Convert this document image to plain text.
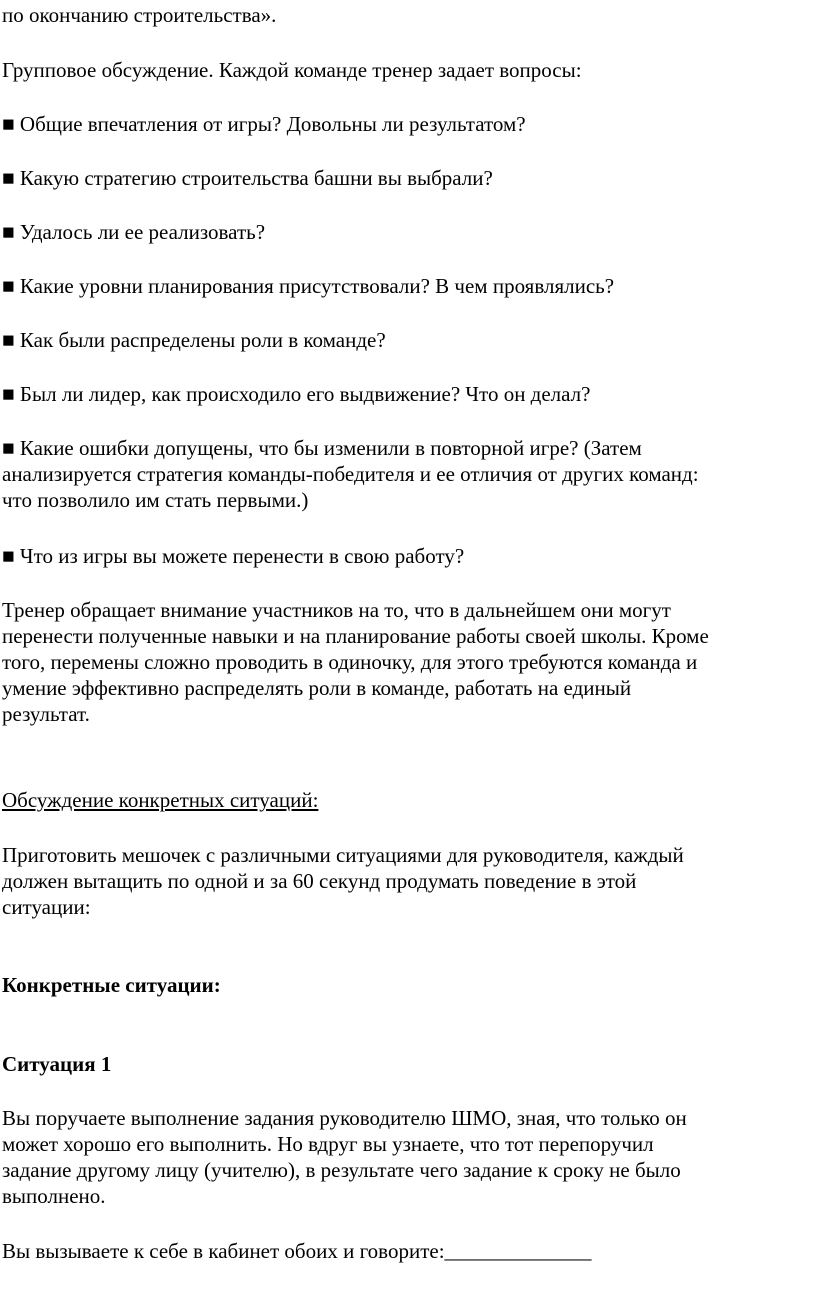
по окончанию строительства».

Групповое обсуждение. Каждой команде тренер задает вопросы:

■ Общие впечатления от игры? Довольны ли результатом?

■ Какую стратегию строительства башни вы выбрали?

■ Удалось ли ее реализовать?

■ Какие уровни планирования присутствовали? В чем проявлялись?

■ Как были распределены роли в команде?

■ Был ли лидер, как происходило его выдвижение? Что он делал?

■ Какие ошибки допущены, что бы изменили в повторной игре? (Затем
анализируется стратегия команды-победителя и ее отличия от других команд:
что позволило им стать первыми.)

■ Что из игры вы можете перенести в свою работу?

Тренер обращает внимание участников на то, что в дальнейшем они могут
перенести полученные навыки и на планирование работы своей школы. Кроме
того, перемены сложно проводить в одиночку, для этого требуются команда и
умение эффективно распределять роли в команде, работать на единый
результат.

Обсуждение конкретных ситуаций:

Приготовить мешочек с различными ситуациями для руководителя, каждый
должен вытащить по одной и за 60 секунд продумать поведение в этой
ситуации:

Конкретные ситуации:

Ситуация 1

Вы поручаете выполнение задания руководителю ШМО, зная, что только он
может хорошо его выполнить. Но вдруг вы узнаете, что тот перепоручил
задание другому лицу (учителю), в результате чего задание к сроку не было
выполнено.

Вы вызываете к себе в кабинет обоих и говорите:______________
